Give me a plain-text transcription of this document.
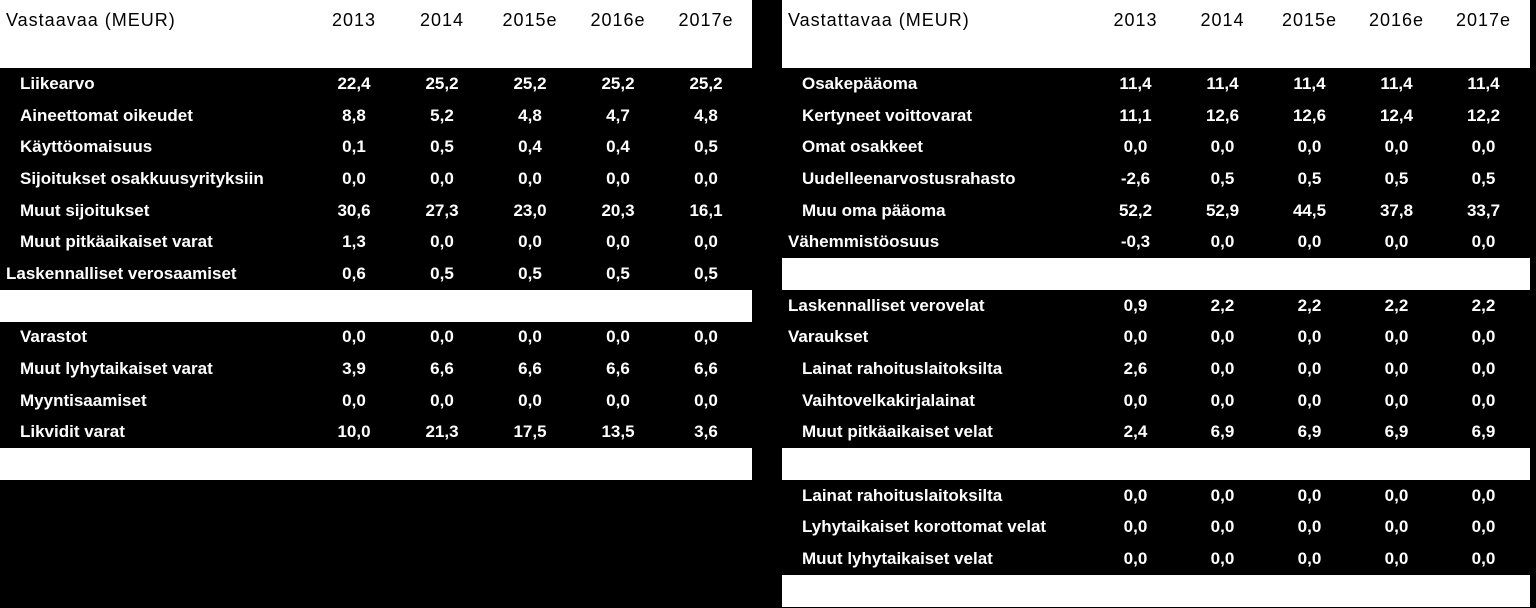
Vastaavaa (MEUR)	2013	2014	2015e	2016e	2017e
Liikearvo	22,4	25,2	25,2	25,2	25,2
Aineettomat oikeudet	8,8	5,2	4,8	4,7	4,8
Käyttöomaisuus	0,1	0,5	0,4	0,4	0,5
Sijoitukset osakkuusyrityksiin	0,0	0,0	0,0	0,0	0,0
Muut sijoitukset	30,6	27,3	23,0	20,3	16,1
Muut pitkäaikaiset varat	1,3	0,0	0,0	0,0	0,0
Laskennalliset verosaamiset	0,6	0,5	0,5	0,5	0,5
Varastot	0,0	0,0	0,0	0,0	0,0
Muut lyhytaikaiset varat	3,9	6,6	6,6	6,6	6,6
Myyntisaamiset	0,0	0,0	0,0	0,0	0,0
Likvidit varat	10,0	21,3	17,5	13,5	3,6
Vastattavaa (MEUR)	2013	2014	2015e	2016e	2017e
Osakepääoma	11,4	11,4	11,4	11,4	11,4
Kertyneet voittovarat	11,1	12,6	12,6	12,4	12,2
Omat osakkeet	0,0	0,0	0,0	0,0	0,0
Uudelleenarvostusrahasto	-2,6	0,5	0,5	0,5	0,5
Muu oma pääoma	52,2	52,9	44,5	37,8	33,7
Vähemmistöosuus	-0,3	0,0	0,0	0,0	0,0
Laskennalliset verovelat	0,9	2,2	2,2	2,2	2,2
Varaukset	0,0	0,0	0,0	0,0	0,0
Lainat rahoituslaitoksilta	2,6	0,0	0,0	0,0	0,0
Vaihtovelkakirjalainat	0,0	0,0	0,0	0,0	0,0
Muut pitkäaikaiset velat	2,4	6,9	6,9	6,9	6,9
Lainat rahoituslaitoksilta	0,0	0,0	0,0	0,0	0,0
Lyhytaikaiset korottomat velat	0,0	0,0	0,0	0,0	0,0
Muut lyhytaikaiset velat	0,0	0,0	0,0	0,0	0,0
